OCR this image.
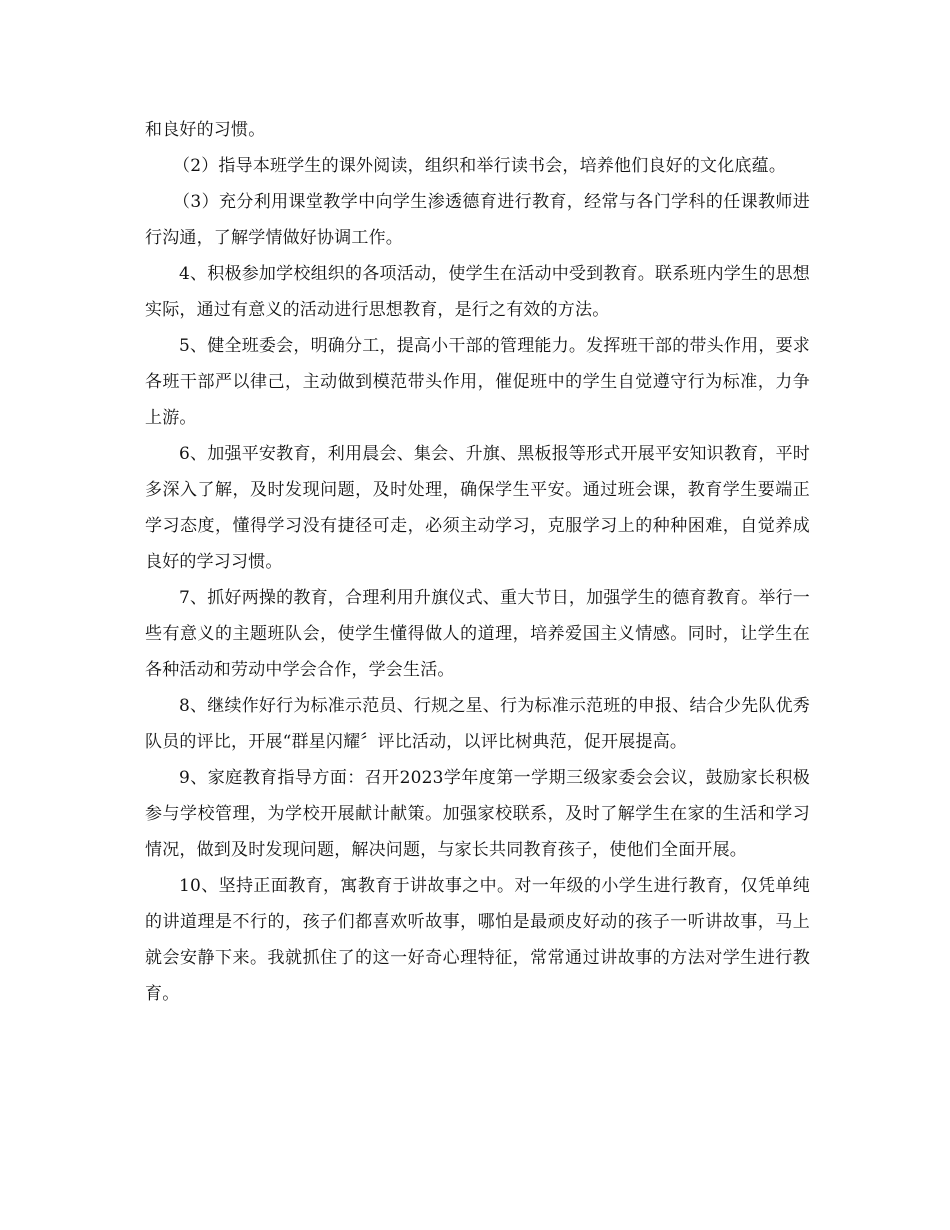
和良好的习惯。

（2）指导本班学生的课外阅读，组织和举行读书会，培养他们良好的文化底蕴。

（3）充分利用课堂教学中向学生渗透德育进行教育，经常与各门学科的任课教师进行沟通，了解学情做好协调工作。

4、积极参加学校组织的各项活动，使学生在活动中受到教育。联系班内学生的思想实际，通过有意义的活动进行思想教育，是行之有效的方法。

5、健全班委会，明确分工，提高小干部的管理能力。发挥班干部的带头作用，要求各班干部严以律己，主动做到模范带头作用，催促班中的学生自觉遵守行为标准，力争上游。

6、加强平安教育，利用晨会、集会、升旗、黑板报等形式开展平安知识教育，平时多深入了解，及时发现问题，及时处理，确保学生平安。通过班会课，教育学生要端正学习态度，懂得学习没有捷径可走，必须主动学习，克服学习上的种种困难，自觉养成良好的学习习惯。

7、抓好两操的教育，合理利用升旗仪式、重大节日，加强学生的德育教育。举行一些有意义的主题班队会，使学生懂得做人的道理，培养爱国主义情感。同时，让学生在各种活动和劳动中学会合作，学会生活。

8、继续作好行为标准示范员、行规之星、行为标准示范班的申报、结合少先队优秀队员的评比，开展“群星闪耀〞评比活动，以评比树典范，促开展提高。

9、家庭教育指导方面：召开2023学年度第一学期三级家委会会议，鼓励家长积极参与学校管理，为学校开展献计献策。加强家校联系，及时了解学生在家的生活和学习情况，做到及时发现问题，解决问题，与家长共同教育孩子，使他们全面开展。

10、坚持正面教育，寓教育于讲故事之中。对一年级的小学生进行教育，仅凭单纯的讲道理是不行的，孩子们都喜欢听故事，哪怕是最顽皮好动的孩子一听讲故事，马上就会安静下来。我就抓住了的这一好奇心理特征，常常通过讲故事的方法对学生进行教育。
